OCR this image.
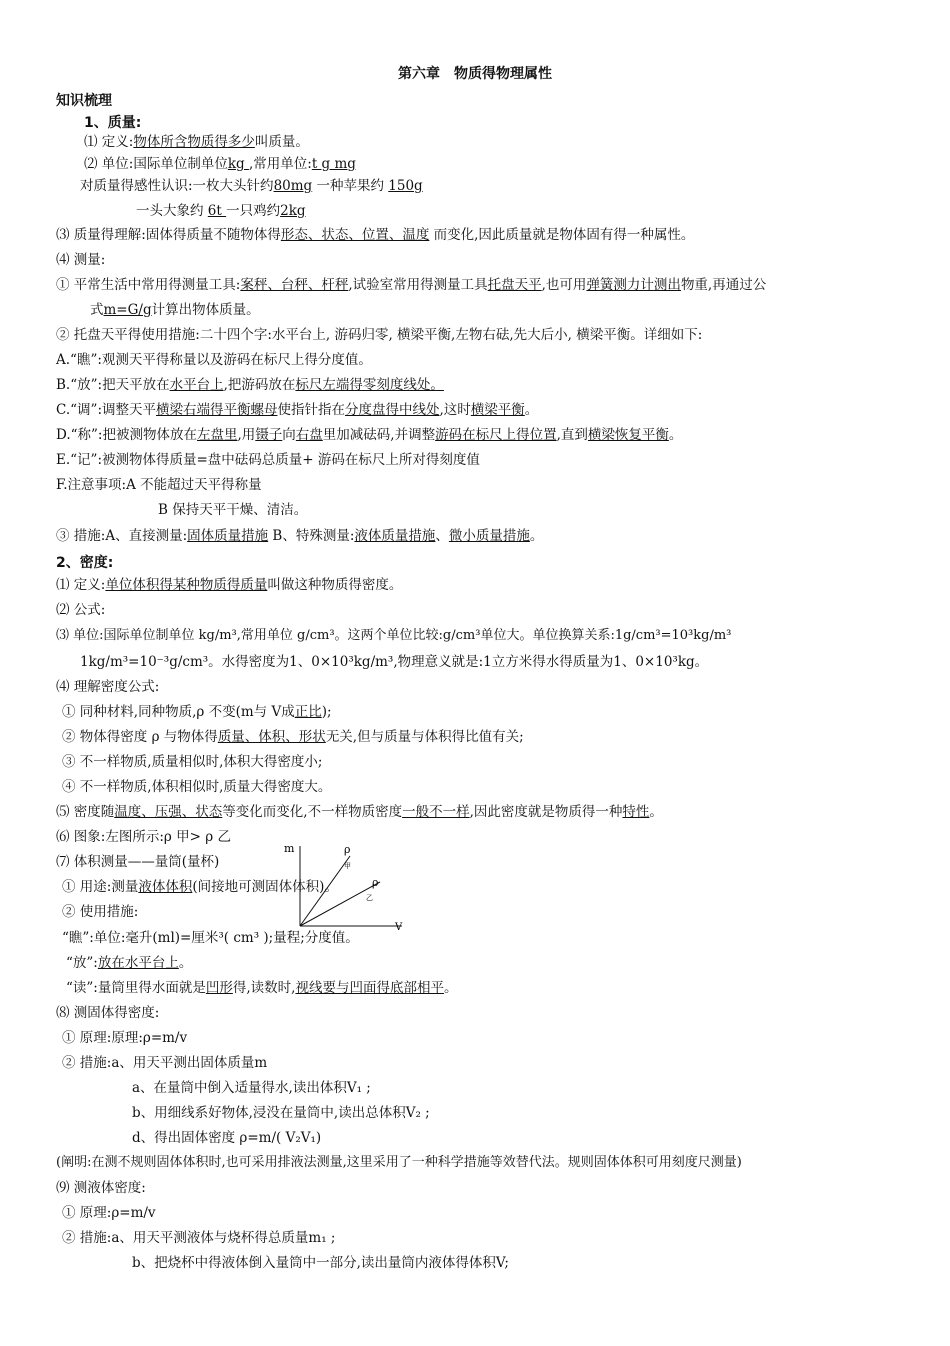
第六章　物质得物理属性
知识梳理
1、质量:
⑴ 定义:物体所含物质得多少叫质量。
⑵ 单位:国际单位制单位kg ,常用单位:t g mg
对质量得感性认识:一枚大头针约80mg 一种苹果约 150g
一头大象约 6t 一只鸡约2kg
⑶ 质量得理解:固体得质量不随物体得形态、状态、位置、温度 而变化,因此质量就是物体固有得一种属性。
⑷ 测量:
① 平常生活中常用得测量工具:案秤、台秤、杆秤,试验室常用得测量工具托盘天平,也可用弹簧测力计测出物重,再通过公
式m=G/g计算出物体质量。
② 托盘天平得使用措施:二十四个字:水平台上, 游码归零, 横梁平衡,左物右砝,先大后小, 横梁平衡。详细如下:
A.“瞧”:观测天平得称量以及游码在标尺上得分度值。
B.“放”:把天平放在水平台上,把游码放在标尺左端得零刻度线处。
C.“调”:调整天平横梁右端得平衡螺母使指针指在分度盘得中线处,这时横梁平衡。
D.“称”:把被测物体放在左盘里,用镊子向右盘里加减砝码,并调整游码在标尺上得位置,直到横梁恢复平衡。
E.“记”:被测物体得质量=盘中砝码总质量+ 游码在标尺上所对得刻度值
F.注意事项:A 不能超过天平得称量
B 保持天平干燥、清洁。
③ 措施:A、直接测量:固体质量措施 B、特殊测量:液体质量措施、微小质量措施。
2、密度:
⑴ 定义:单位体积得某种物质得质量叫做这种物质得密度。
⑵ 公式:
⑶ 单位:国际单位制单位 kg/m³,常用单位 g/cm³。这两个单位比较:g/cm³单位大。单位换算关系:1g/cm³=10³kg/m³
1kg/m³=10⁻³g/cm³。水得密度为1、0×10³kg/m³,物理意义就是:1立方米得水得质量为1、0×10³kg。
⑷ 理解密度公式:
① 同种材料,同种物质,ρ 不变(m与 V成正比);
② 物体得密度 ρ 与物体得质量、体积、形状无关,但与质量与体积得比值有关;
③ 不一样物质,质量相似时,体积大得密度小;
④ 不一样物质,体积相似时,质量大得密度大。
⑸ 密度随温度、压强、状态等变化而变化,不一样物质密度一般不一样,因此密度就是物质得一种特性。
⑹ 图象:左图所示:ρ 甲> ρ 乙
⑺ 体积测量——量筒(量杯)
① 用途:测量液体体积(间接地可测固体体积)。
② 使用措施:
“瞧”:单位:毫升(ml)=厘米³( cm³ );量程;分度值。
“放”:放在水平台上。
“读”:量筒里得水面就是凹形得,读数时,视线要与凹面得底部相平。
⑻ 测固体得密度:
① 原理:原理:ρ=m/v
② 措施:a、用天平测出固体质量m
a、在量筒中倒入适量得水,读出体积V₁ ;
b、用细线系好物体,浸没在量筒中,读出总体积V₂ ;
d、得出固体密度 ρ=m/( V₂V₁)
(阐明:在测不规则固体体积时,也可采用排液法测量,这里采用了一种科学措施等效替代法。规则固体体积可用刻度尺测量)
⑼ 测液体密度:
① 原理:ρ=m/v
② 措施:a、用天平测液体与烧杯得总质量m₁ ;
b、把烧杯中得液体倒入量筒中一部分,读出量筒内液体得体积V;
m
V
ρ
甲
ρ
乙
